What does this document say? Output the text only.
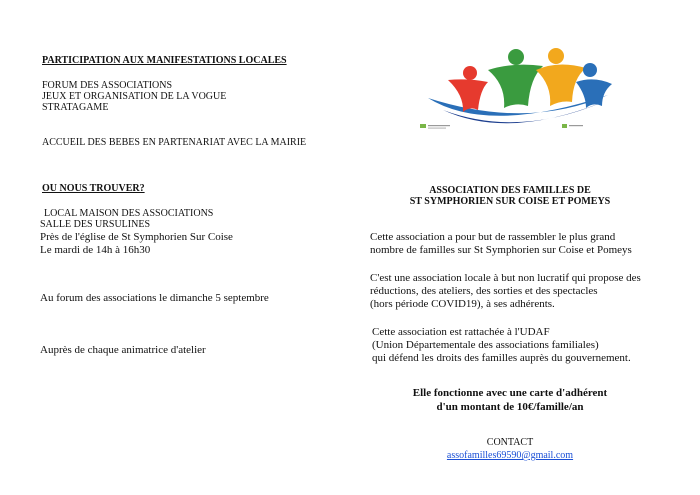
PARTICIPATION AUX MANIFESTATIONS LOCALES
FORUM DES ASSOCIATIONS
JEUX ET ORGANISATION DE LA VOGUE
STRATAGAME
ACCUEIL DES BEBES EN PARTENARIAT AVEC LA MAIRIE
OU NOUS TROUVER?
LOCAL MAISON DES ASSOCIATIONS
SALLE DES URSULINES
Près de l'église de St Symphorien Sur Coise
Le mardi de 14h à 16h30
Au forum des associations le dimanche 5 septembre
Auprès de chaque animatrice d'atelier
ASSOCIATION DES FAMILLES DE
ST SYMPHORIEN SUR COISE ET POMEYS
Cette association a pour but de rassembler le plus grand
nombre de familles sur St Symphorien sur Coise et Pomeys
C'est une association locale à but non lucratif qui propose des
réductions, des ateliers, des sorties et des spectacles
(hors période COVID19), à ses adhérents.
Cette association est rattachée à l'UDAF
(Union Départementale des associations familiales)
qui défend les droits des familles auprès du gouvernement.
Elle fonctionne avec une carte d'adhérent
d'un montant de 10€/famille/an
CONTACT
assofamilles69590@gmail.com
